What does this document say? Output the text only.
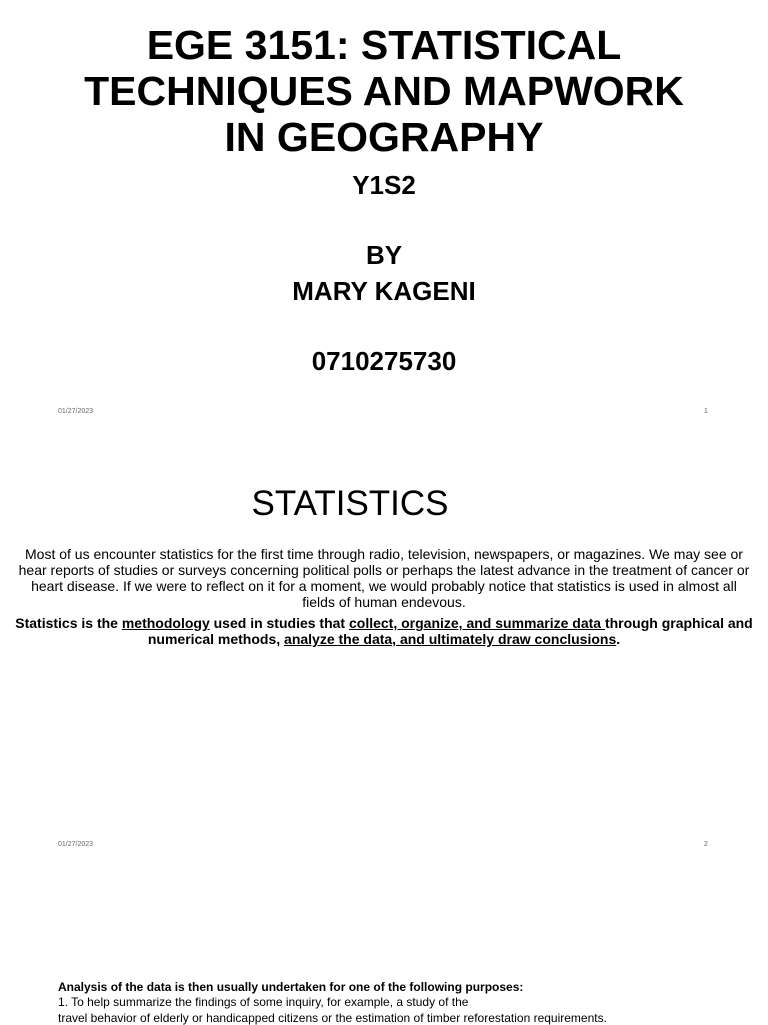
EGE 3151: STATISTICAL
TECHNIQUES AND MAPWORK
IN GEOGRAPHY

Y1S2

BY

MARY KAGENI

0710275730

01/27/2023	1
STATISTICS

Most of us encounter statistics for the first time through radio, television, newspapers, or magazines. We may see or hear reports of studies or surveys concerning political polls or perhaps the latest advance in the treatment of cancer or heart disease. If we were to reflect on it for a moment, we would probably notice that statistics is used in almost all fields of human endevous.

Statistics is the methodology used in studies that collect, organize, and summarize data through graphical and numerical methods, analyze the data, and ultimately draw conclusions.

01/27/2023	2

Analysis of the data is then usually undertaken for one of the following purposes:

1. To help summarize the findings of some inquiry, for example, a study of the

travel behavior of elderly or handicapped citizens or the estimation of timber reforestation requirements.
